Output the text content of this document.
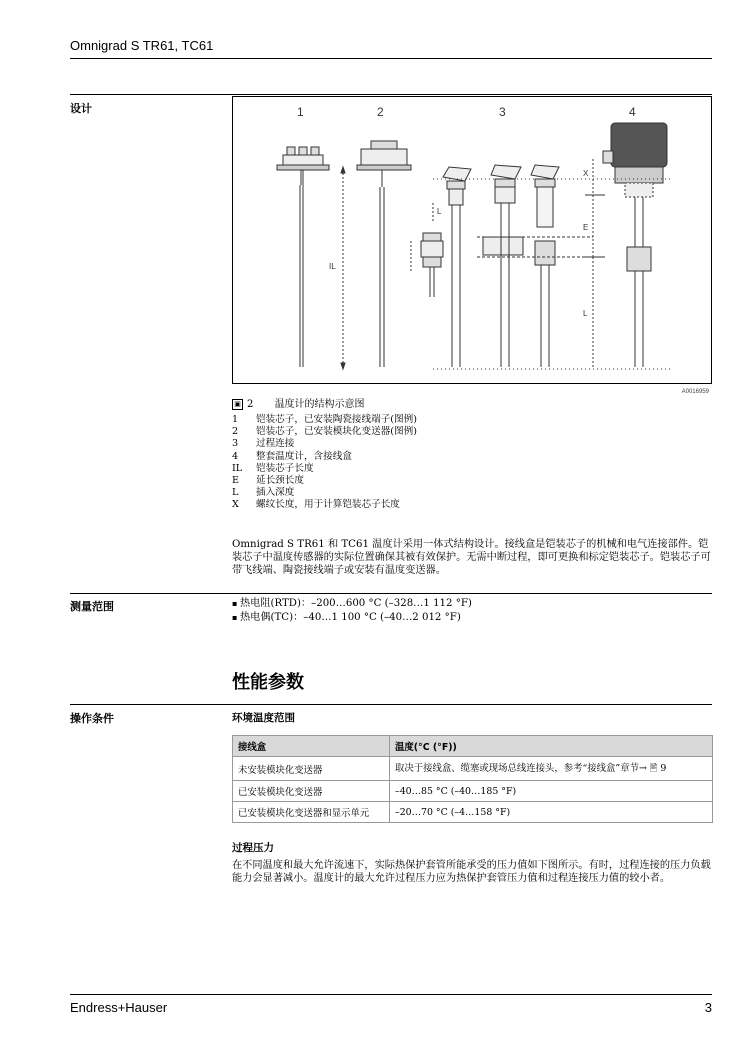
Omnigrad S TR61, TC61
设计	1	2	3	4
IL
L
E
L
X
A0016959
▣ 2 温度计的结构示意图
1	铠装芯子，已安装陶瓷接线端子(图例)
2	铠装芯子，已安装模块化变送器(图例)
3	过程连接
4	整套温度计，含接线盒
IL	铠装芯子长度
E	延长颈长度
L	插入深度
X	螺纹长度，用于计算铠装芯子长度
Omnigrad S TR61 和 TC61 温度计采用一体式结构设计。接线盒是铠装芯子的机械和电气连接部件。铠装芯子中温度传感器的实际位置确保其被有效保护。无需中断过程，即可更换和标定铠装芯子。铠装芯子可带飞线端、陶瓷接线端子或安装有温度变送器。
测量范围	▪ 热电阻(RTD)：–200…600 °C (–328…1 112 °F)
▪ 热电偶(TC)：–40…1 100 °C (–40…2 012 °F)
性能参数
操作条件	环境温度范围
接线盒	温度(°C (°F))
未安装模块化变送器	取决于接线盒、缆塞或现场总线连接头，参考“接线盒”章节→ 🖹 9
已安装模块化变送器	–40…85 °C (–40…185 °F)
已安装模块化变送器和显示单元	–20…70 °C (–4…158 °F)
过程压力
在不同温度和最大允许流速下，实际热保护套管所能承受的压力值如下图所示。有时，过程连接的压力负载能力会显著减小。温度计的最大允许过程压力应为热保护套管压力值和过程连接压力值的较小者。
Endress+Hauser	3
